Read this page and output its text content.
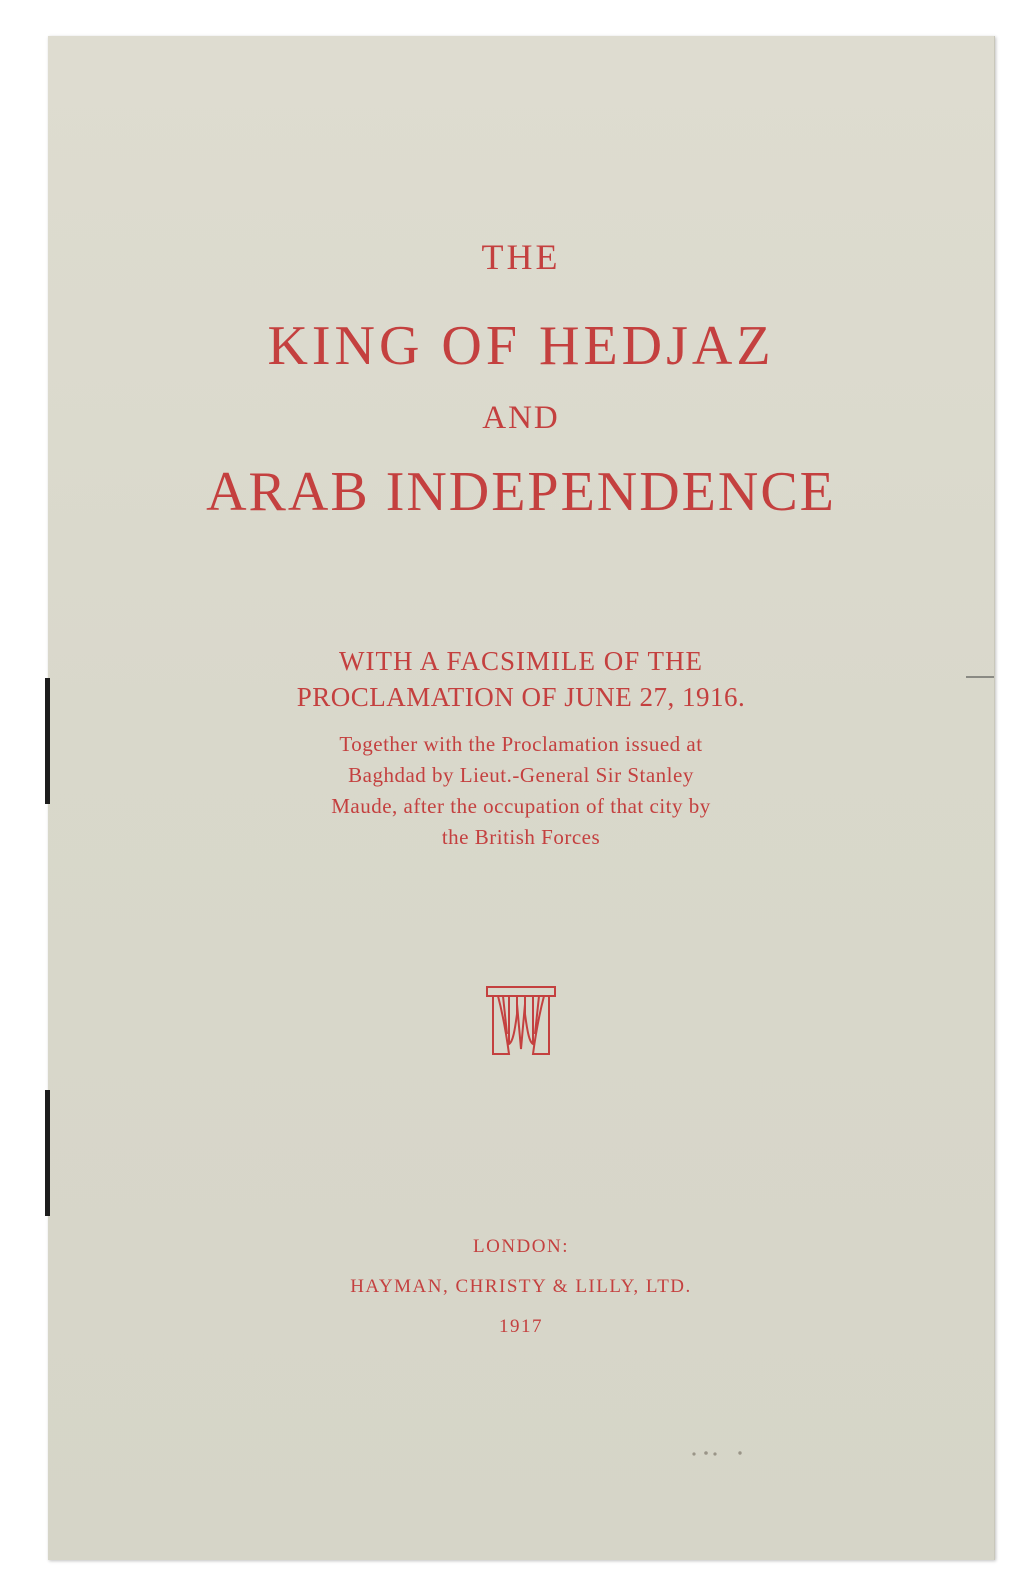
THE
KING OF HEDJAZ
AND
ARAB INDEPENDENCE
WITH A FACSIMILE OF THE
PROCLAMATION OF JUNE 27, 1916.
Together with the Proclamation issued at
Baghdad by Lieut.-General Sir Stanley
Maude, after the occupation of that city by
the British Forces
LONDON:
HAYMAN, CHRISTY & LILLY, LTD.
1917
